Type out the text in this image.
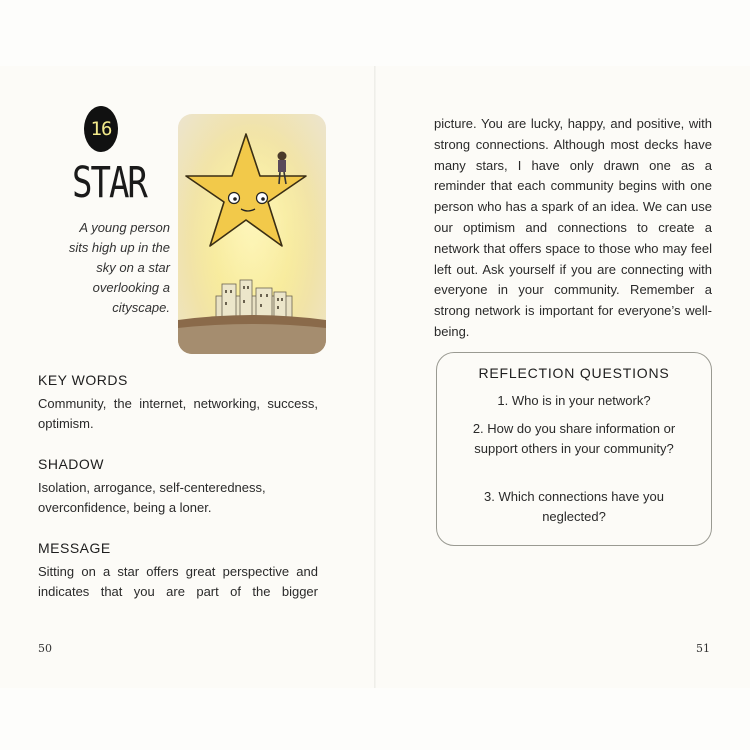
16
STAR
A young person
sits high up in the
sky on a star
overlooking a
cityscape.
KEY WORDS
Community, the internet, networking, success,
optimism.
SHADOW
Isolation, arrogance, self-centeredness,
overconfidence, being a loner.
MESSAGE
Sitting on a star offers great perspective and
indicates that you are part of the bigger
50
picture. You are lucky, happy, and positive, with strong connections. Although most decks have many stars, I have only drawn one as a reminder that each community begins with one person who has a spark of an idea. We can use our optimism and connections to create a network that offers space to those who may feel left out. Ask yourself if you are connecting with everyone in your community. Remember a strong network is important for everyone’s well-being.
REFLECTION QUESTIONS
1. Who is in your network?
2. How do you share information or support others in your community?
3. Which connections have you neglected?
51
